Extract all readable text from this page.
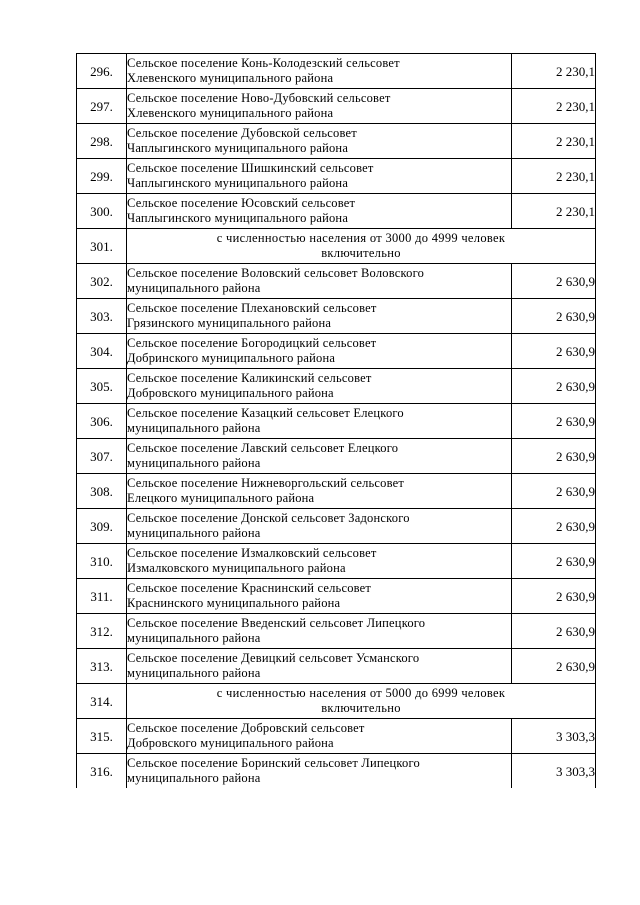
296.	Сельское поселение Конь-Колодезский сельсовет
Хлевенского муниципального района	2 230,1
297.	Сельское поселение Ново-Дубовский сельсовет
Хлевенского муниципального района	2 230,1
298.	Сельское поселение Дубовской сельсовет
Чаплыгинского муниципального района	2 230,1
299.	Сельское поселение Шишкинский сельсовет
Чаплыгинского муниципального района	2 230,1
300.	Сельское поселение Юсовский сельсовет
Чаплыгинского муниципального района	2 230,1
301.	с численностью населения от 3000 до 4999 человек
включительно	

302.	Сельское поселение Воловский сельсовет Воловского
муниципального района	2 630,9
303.	Сельское поселение Плехановский сельсовет
Грязинского муниципального района	2 630,9
304.	Сельское поселение Богородицкий сельсовет
Добринского муниципального района	2 630,9
305.	Сельское поселение Каликинский сельсовет
Добровского муниципального района	2 630,9
306.	Сельское поселение Казацкий сельсовет Елецкого
муниципального района	2 630,9
307.	Сельское поселение Лавский сельсовет Елецкого
муниципального района	2 630,9
308.	Сельское поселение Нижневоргольский сельсовет
Елецкого муниципального района	2 630,9
309.	Сельское поселение Донской сельсовет Задонского
муниципального района	2 630,9
310.	Сельское поселение Измалковский сельсовет
Измалковского муниципального района	2 630,9
311.	Сельское поселение Краснинский сельсовет
Краснинского муниципального района	2 630,9
312.	Сельское поселение Введенский сельсовет Липецкого
муниципального района	2 630,9
313.	Сельское поселение Девицкий сельсовет Усманского
муниципального района	2 630,9
314.	с численностью населения от 5000 до 6999 человек
включительно	

315.	Сельское поселение Добровский сельсовет
Добровского муниципального района	3 303,3
316.	Сельское поселение Боринский сельсовет Липецкого
муниципального района	3 303,3
